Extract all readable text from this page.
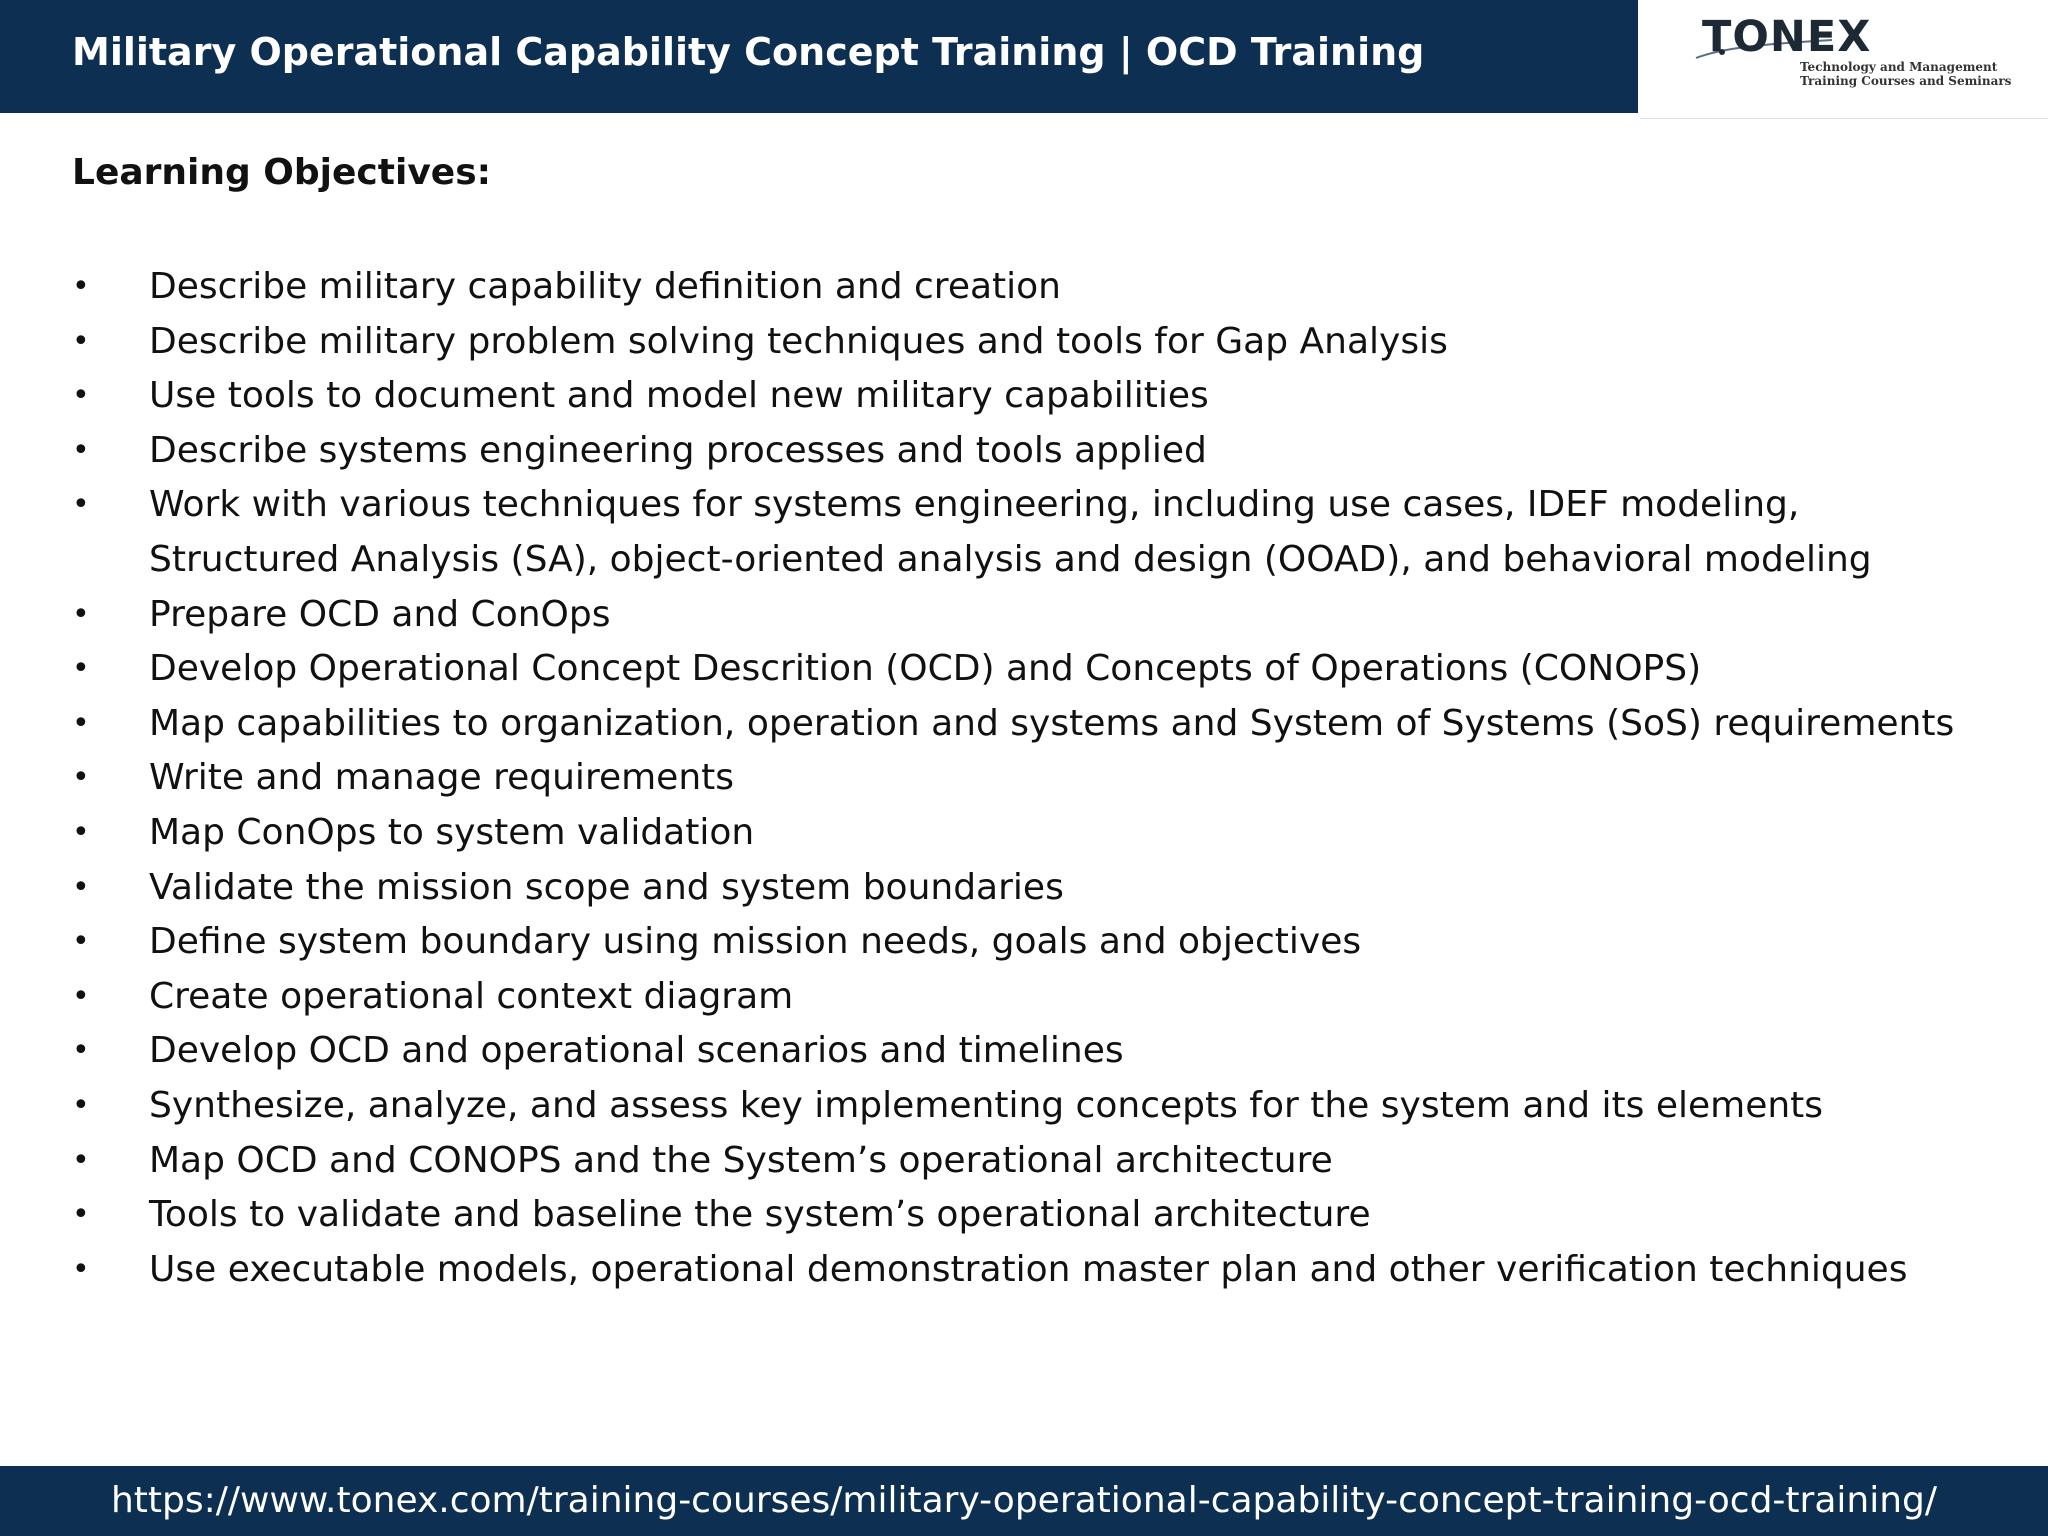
Military Operational Capability Concept Training | OCD Training	TONEX
Technology and Management
Training Courses and Seminars
Learning Objectives:
•	Describe military capability definition and creation
•	Describe military problem solving techniques and tools for Gap Analysis
•	Use tools to document and model new military capabilities
•	Describe systems engineering processes and tools applied
•	Work with various techniques for systems engineering, including use cases, IDEF modeling, Structured Analysis (SA), object-oriented analysis and design (OOAD), and behavioral modeling
•	Prepare OCD and ConOps
•	Develop Operational Concept Descrition (OCD) and Concepts of Operations (CONOPS)
•	Map capabilities to organization, operation and systems and System of Systems (SoS) requirements
•	Write and manage requirements
•	Map ConOps to system validation
•	Validate the mission scope and system boundaries
•	Define system boundary using mission needs, goals and objectives
•	Create operational context diagram
•	Develop OCD and operational scenarios and timelines
•	Synthesize, analyze, and assess key implementing concepts for the system and its elements
•	Map OCD and CONOPS and the System’s operational architecture
•	Tools to validate and baseline the system’s operational architecture
•	Use executable models, operational demonstration master plan and other verification techniques
https://www.tonex.com/training-courses/military-operational-capability-concept-training-ocd-training/
